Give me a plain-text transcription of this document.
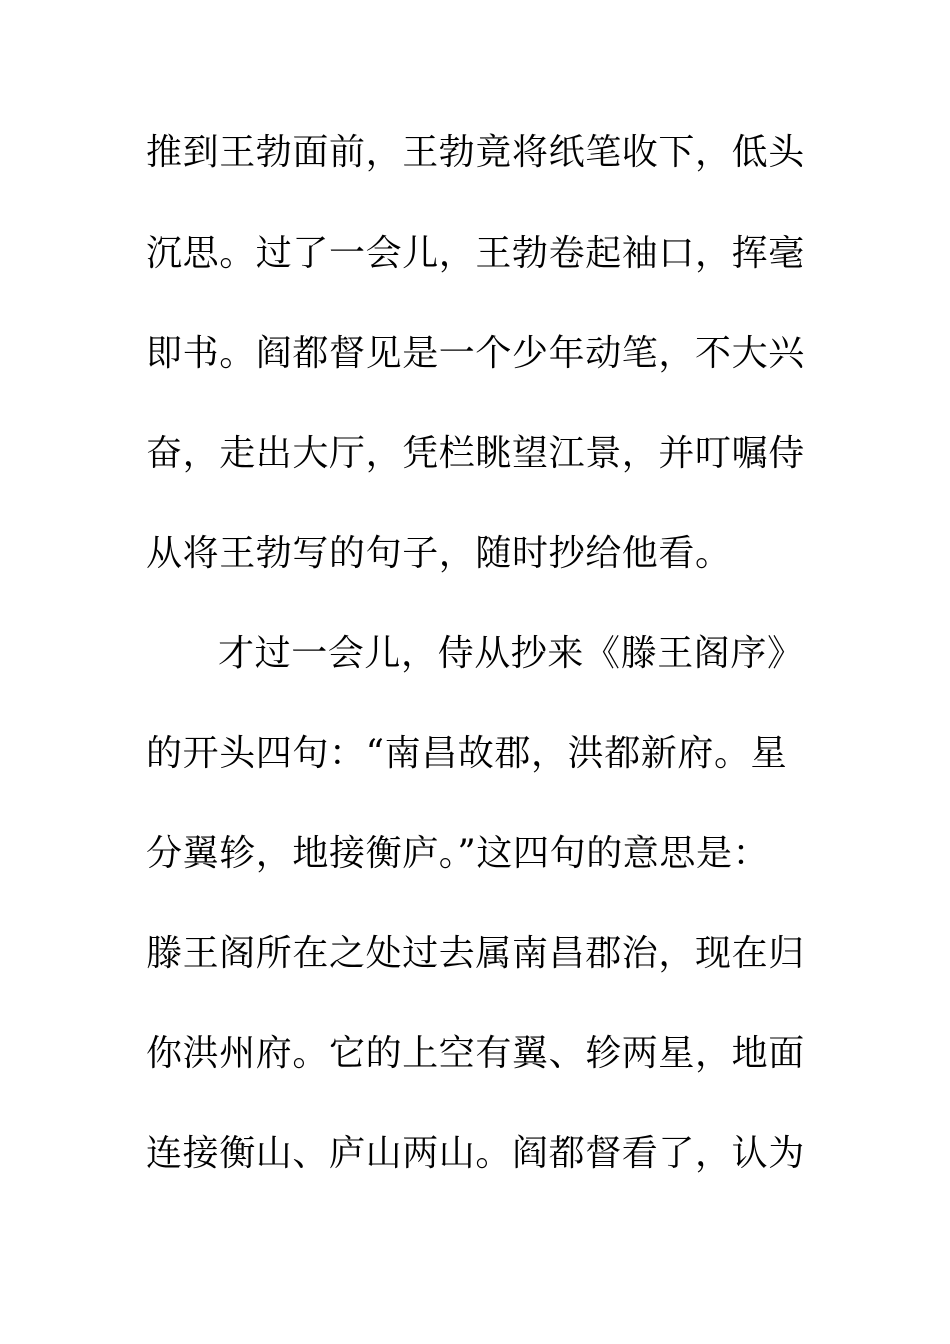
推到王勃面前，王勃竟将纸笔收下，低头
沉思。过了一会儿，王勃卷起袖口，挥毫
即书。阎都督见是一个少年动笔，不大兴
奋，走出大厅，凭栏眺望江景，并叮嘱侍
从将王勃写的句子，随时抄给他看。
才过一会儿，侍从抄来《滕王阁序》
的开头四句：“南昌故郡，洪都新府。星
分翼轸，地接衡庐。”这四句的意思是：
滕王阁所在之处过去属南昌郡治，现在归
你洪州府。它的上空有翼、轸两星，地面
连接衡山、庐山两山。阎都督看了，认为
